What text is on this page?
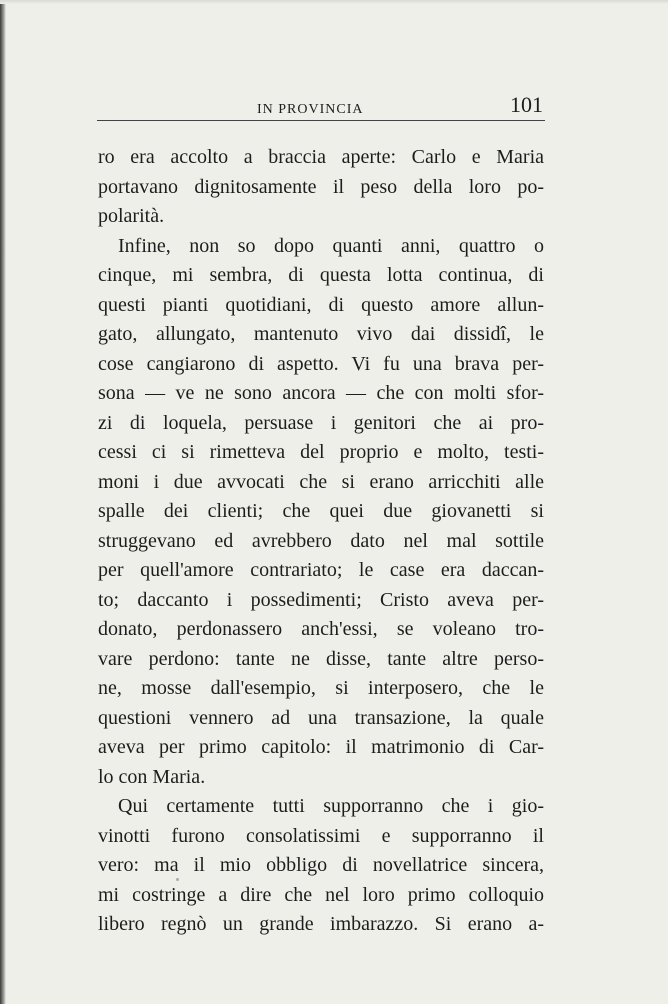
IN PROVINCIA	101
ro era accolto a braccia aperte: Carlo e Maria
portavano dignitosamente il peso della loro po-
polarità.
Infine, non so dopo quanti anni, quattro o
cinque, mi sembra, di questa lotta continua, di
questi pianti quotidiani, di questo amore allun-
gato, allungato, mantenuto vivo dai dissidî, le
cose cangiarono di aspetto. Vi fu una brava per-
sona — ve ne sono ancora — che con molti sfor-
zi di loquela, persuase i genitori che ai pro-
cessi ci si rimetteva del proprio e molto, testi-
moni i due avvocati che si erano arricchiti alle
spalle dei clienti; che quei due giovanetti si
struggevano ed avrebbero dato nel mal sottile
per quell'amore contrariato; le case era daccan-
to; daccanto i possedimenti; Cristo aveva per-
donato, perdonassero anch'essi, se voleano tro-
vare perdono: tante ne disse, tante altre perso-
ne, mosse dall'esempio, si interposero, che le
questioni vennero ad una transazione, la quale
aveva per primo capitolo: il matrimonio di Car-
lo con Maria.
Qui certamente tutti supporranno che i gio-
vinotti furono consolatissimi e supporranno il
vero: ma il mio obbligo di novellatrice sincera,
mi costringe a dire che nel loro primo colloquio
libero regnò un grande imbarazzo. Si erano a-
